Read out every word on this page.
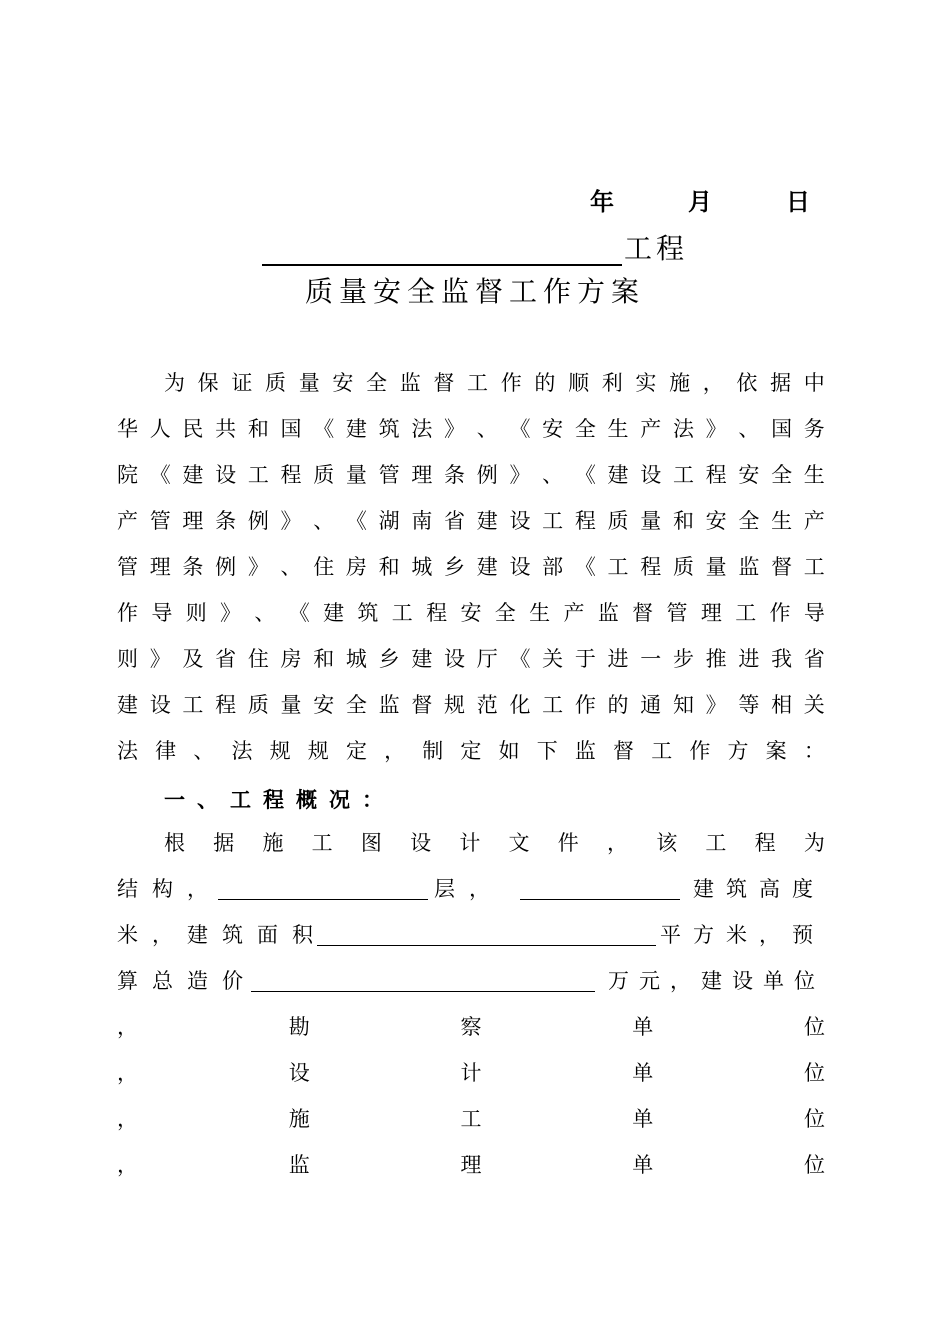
年	月	日
工程
质量安全监督工作方案
为 保 证 质 量 安 全 监 督 工 作 的 顺 利 实 施 ， 依 据 中
华 人 民 共 和 国 《 建 筑 法 》 、 《 安 全 生 产 法 》 、 国 务
院 《 建 设 工 程 质 量 管 理 条 例 》 、 《 建 设 工 程 安 全 生
产 管 理 条 例 》 、 《 湖 南 省 建 设 工 程 质 量 和 安 全 生 产
管 理 条 例 》 、 住 房 和 城 乡 建 设 部 《 工 程 质 量 监 督 工
作 导 则 》 、 《 建 筑 工 程 安 全 生 产 监 督 管 理 工 作 导
则 》 及 省 住 房 和 城 乡 建 设 厅 《 关 于 进 一 步 推 进 我 省
建 设 工 程 质 量 安 全 监 督 规 范 化 工 作 的 通 知 》 等 相 关
法 律 、 法 规 规 定 ， 制 定 如 下 监 督 工 作 方 案 ：
一、工程概况：
根 据 施 工 图 设 计 文 件 ， 该 工 程 为
结构，	层，	建筑高度
米，建筑面积	平方米，预
算总造价	万元，建设单位
，	勘	察	单	位
，	设	计	单	位
，	施	工	单	位
，	监	理	单	位
